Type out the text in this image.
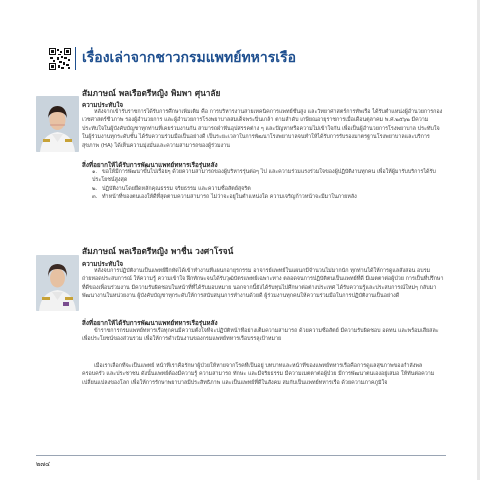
เรื่องเล่าจากชาวกรมแพทย์ทหารเรือ
สัมภาษณ์ พลเรือตรีหญิง พิมพา ศุนาลัย
ความประทับใจ

หลังจากเข้ารับราชการได้รับการศึกษาเพิ่มเติม คือ การบริหารงานสายเทคนิคการแพทย์ชั้นสูง และวิทยาศาสตร์การทัพเรือ ได้รับตำแหน่งผู้อำนวยการกองเวชศาสตร์ชีวภาพ รองผู้อำนวยการ และผู้อำนวยการโรงพยาบาลสมเด็จพระปิ่นเกล้า ตามลำดับ เกษียณอายุราชการเมื่อเดือนตุลาคม พ.ศ.๒๕๖๒ มีความประทับใจในผู้บังคับบัญชาทุกท่านที่เคยร่วมงานกัน สามารถฝ่าฟันอุปสรรคต่าง ๆ และปัญหาหรือความไม่เข้าใจกัน เพื่อเป็นผู้อำนวยการโรงพยาบาล ประทับใจในผู้ร่วมงานทุกระดับชั้น ได้รับความร่วมมือเป็นอย่างดี เป็นระยะเวลาในการพัฒนาโรงพยาบาลจนทำให้ได้รับการรับรองมาตรฐานโรงพยาบาลและบริการสุขภาพ (HA) ได้เห็นความมุ่งมั่นและความสามารถของผู้ร่วมงาน

สิ่งที่อยากให้ได้รับการพัฒนาแพทย์ทหารเรือรุ่นหลัง
๑. ขอให้มีการพัฒนาขั้นไปเรื่อยๆ ด้วยความสามารถของผู้บริหารรุ่นต่อๆ ไป และความร่วมแรงร่วมใจของผู้ปฏิบัติงานทุกคน เพื่อให้ผู้มารับบริการได้รับประโยชน์สูงสุด
๒. ปฏิบัติงานโดยยึดหลักคุณธรรม จริยธรรม และความซื่อสัตย์สุจริต
๓. ทำหน้าที่ของตนเองให้ดีที่สุดตามความสามารถ ไม่ว่าจะอยู่ในตำแหน่งใด ความเจริญก้าวหน้าจะมีมาในภายหลัง
สัมภาษณ์ พลเรือตรีหญิง พาชื่น วงศาโรจน์
ความประทับใจ

หลังจบการปฏิบัติงานเป็นแพทย์ฝึกหัดได้เข้าทำงานที่แผนกอายุรกรรม อาจารย์แพทย์ในแผนกมีจำนวนไม่มากนัก ทุกท่านได้ให้การดูแลสั่งสอน อบรม ถ่ายทอดประสบการณ์ ให้ความรู้ ความเข้าใจ ฝึกทักษะจนได้รับวุฒิบัตรแพทย์เฉพาะทาง ตลอดจนการปฏิบัติตนเป็นแพทย์ที่ดี มีเมตตาต่อผู้ป่วย การเป็นที่ปรึกษาที่ดีของเพื่อนร่วมงาน มีความรับผิดชอบในหน้าที่ที่ได้รับมอบหมาย นอกจากนี้ยังได้รับทุนไปศึกษาต่อต่างประเทศ ได้รับความรู้และประสบการณ์ใหม่ๆ กลับมาพัฒนางานในหน่วยงาน ผู้บังคับบัญชาทุกระดับให้การสนับสนุนการทำงานด้วยดี ผู้ร่วมงานทุกคนให้ความร่วมมือในการปฏิบัติงานเป็นอย่างดี

สิ่งที่อยากให้ได้รับการพัฒนาแพทย์ทหารเรือรุ่นหลัง

ข้าราชการกรมแพทย์ทหารเรือทุกคนมีความตั้งใจที่จะปฏิบัติหน้าที่อย่างเต็มความสามารถ ด้วยความซื่อสัตย์ มีความรับผิดชอบ อดทน และพร้อมเสียสละเพื่อประโยชน์ของส่วนรวม เพื่อให้การดำเนินงานของกรมแพทย์ทหารเรือบรรลุเป้าหมาย

เมื่อเราเลือกที่จะเป็นแพทย์ หน้าที่เราคือรักษาผู้ป่วยให้หายจากโรคที่เป็นอยู่ บทบาทและหน้าที่ของแพทย์ทหารเรือคือการดูแลสุขภาพของกำลังพล ครอบครัว และประชาชน ดังนั้นแพทย์ต้องมีความรู้ ความสามารถ ทักษะ และมีจริยธรรม มีความเมตตาต่อผู้ป่วย มีการพัฒนาตนเองอยู่เสมอ ให้ทันต่อความเปลี่ยนแปลงของโลก เพื่อให้การรักษาพยาบาลมีประสิทธิภาพ และเป็นแพทย์ที่ดีในสังคม สมกับเป็นแพทย์ทหารเรือ ด้วยความภาคภูมิใจ

๒๗๔
